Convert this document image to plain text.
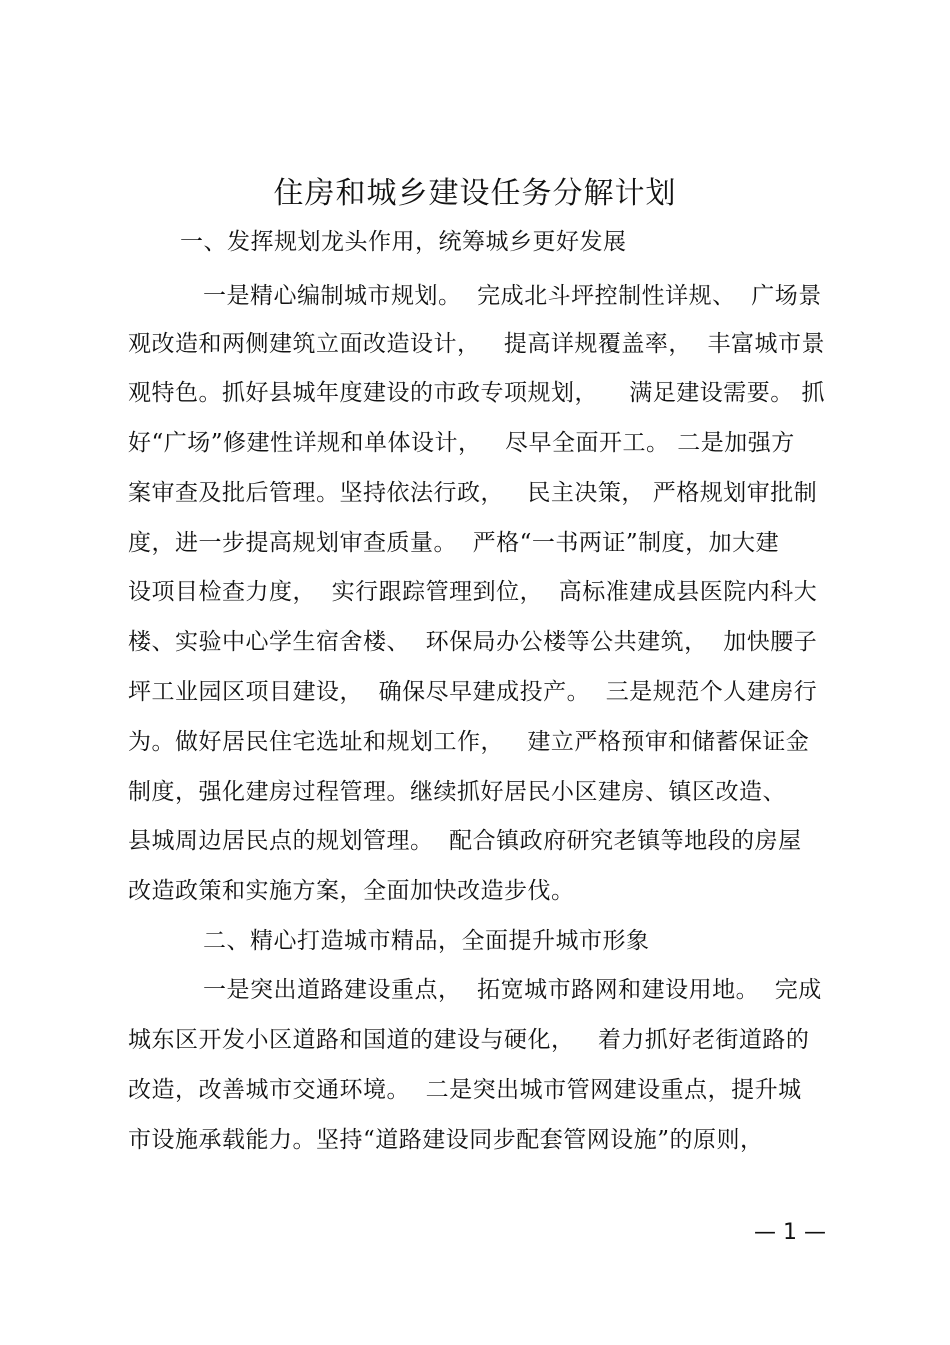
住房和城乡建设任务分解计划
一、发挥规划龙头作用，统筹城乡更好发展
一是精心编制城市规划。  完成北斗坪控制性详规、  广场景
观改造和两侧建筑立面改造设计，   提高详规覆盖率，  丰富城市景
观特色。抓好县城年度建设的市政专项规划，    满足建设需要。 抓
好“广场”修建性详规和单体设计，   尽早全面开工。 二是加强方
案审查及批后管理。坚持依法行政，   民主决策， 严格规划审批制
度，进一步提高规划审查质量。  严格“一书两证”制度，加大建
设项目检查力度，  实行跟踪管理到位，  高标准建成县医院内科大
楼、实验中心学生宿舍楼、  环保局办公楼等公共建筑，  加快腰子
坪工业园区项目建设，  确保尽早建成投产。  三是规范个人建房行
为。做好居民住宅选址和规划工作，   建立严格预审和储蓄保证金
制度，强化建房过程管理。继续抓好居民小区建房、镇区改造、
县城周边居民点的规划管理。  配合镇政府研究老镇等地段的房屋
改造政策和实施方案，全面加快改造步伐。
二、精心打造城市精品，全面提升城市形象
一是突出道路建设重点，  拓宽城市路网和建设用地。  完成
城东区开发小区道路和国道的建设与硬化，   着力抓好老街道路的
改造，改善城市交通环境。  二是突出城市管网建设重点，提升城
市设施承载能力。坚持“道路建设同步配套管网设施”的原则，
— 1 —
